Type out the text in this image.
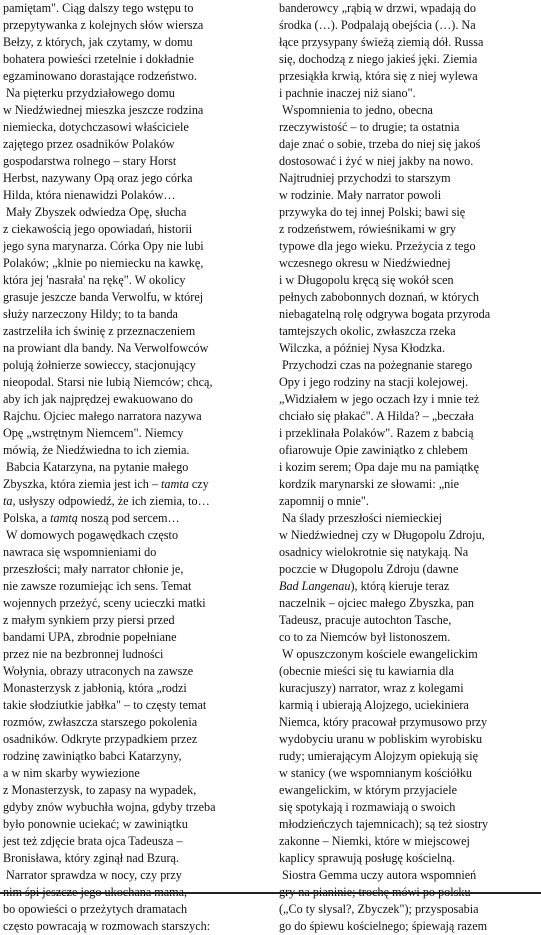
pamiętam". Ciąg dalszy tego wstępu to
przepytywanka z kolejnych słów wiersza
Bełzy, z których, jak czytamy, w domu
bohatera powieści rzetelnie i dokładnie
egzaminowano dorastające rodzeństwo.
Na pięterku przydziałowego domu
w Niedźwiednej mieszka jeszcze rodzina
niemiecka, dotychczasowi właściciele
zajętego przez osadników Polaków
gospodarstwa rolnego – stary Horst
Herbst, nazywany Opą oraz jego córka
Hilda, która nienawidzi Polaków…
Mały Zbyszek odwiedza Opę, słucha
z ciekawością jego opowiadań, historii
jego syna marynarza. Córka Opy nie lubi
Polaków; „klnie po niemiecku na kawkę,
która jej 'nasrała' na rękę". W okolicy
grasuje jeszcze banda Verwolfu, w której
służy narzeczony Hildy; to ta banda
zastrzeliła ich świnię z przeznaczeniem
na prowiant dla bandy. Na Verwolfowców
polują żołnierze sowieccy, stacjonujący
nieopodal. Starsi nie lubią Niemców; chcą,
aby ich jak najprędzej ewakuowano do
Rajchu. Ojciec małego narratora nazywa
Opę „wstrętnym Niemcem". Niemcy
mówią, że Niedźwiedna to ich ziemia.
Babcia Katarzyna, na pytanie małego
Zbyszka, która ziemia jest ich – tamta czy
ta, usłyszy odpowiedź, że ich ziemia, to…
Polska, a tamtą noszą pod sercem…
W domowych pogawędkach często
nawraca się wspomnieniami do
przeszłości; mały narrator chłonie je,
nie zawsze rozumiejąc ich sens. Temat
wojennych przeżyć, sceny ucieczki matki
z małym synkiem przy piersi przed
bandami UPA, zbrodnie popełniane
przez nie na bezbronnej ludności
Wołynia, obrazy utraconych na zawsze
Monasterzysk z jabłonią, która „rodzi
takie słodziutkie jabłka" – to częsty temat
rozmów, zwłaszcza starszego pokolenia
osadników. Odkryte przypadkiem przez
rodzinę zawiniątko babci Katarzyny,
a w nim skarby wywiezione
z Monasterzysk, to zapasy na wypadek,
gdyby znów wybuchła wojna, gdyby trzeba
było ponownie uciekać; w zawiniątku
jest też zdjęcie brata ojca Tadeusza –
Bronisława, który zginął nad Bzurą.
Narrator sprawdza w nocy, czy przy
bo opowieści o przeżytych dramatach
często powracają w rozmowach starszych:
banderowcy „rąbią w drzwi, wpadają do
środka (…). Podpalają obejścia (…). Na
łące przysypany świeżą ziemią dół. Russa
się, dochodzą z niego jakieś jęki. Ziemia
przesiąkła krwią, która się z niej wylewa
i pachnie inaczej niż siano".
Wspomnienia to jedno, obecna
rzeczywistość – to drugie; ta ostatnia
daje znać o sobie, trzeba do niej się jakoś
dostosować i żyć w niej jakby na nowo.
Najtrudniej przychodzi to starszym
w rodzinie. Mały narrator powoli
przywyka do tej innej Polski; bawi się
z rodzeństwem, rówieśnikami w gry
typowe dla jego wieku. Przeżycia z tego
wczesnego okresu w Niedźwiednej
i w Długopolu kręcą się wokół scen
pełnych zabobonnych doznań, w których
niebagatelną rolę odgrywa bogata przyroda
tamtejszych okolic, zwłaszcza rzeka
Wilczka, a później Nysa Kłodzka.
Przychodzi czas na pożegnanie starego
Opy i jego rodziny na stacji kolejowej.
„Widziałem w jego oczach łzy i mnie też
chciało się płakać". A Hilda? – „beczała
i przeklinała Polaków". Razem z babcią
ofiarowuje Opie zawiniątko z chlebem
i kozim serem; Opa daje mu na pamiątkę
kordzik marynarski ze słowami: „nie
zapomnij o mnie".
Na ślady przeszłości niemieckiej
w Niedźwiednej czy w Długopolu Zdroju,
osadnicy wielokrotnie się natykają. Na
poczcie w Długopolu Zdroju (dawne
Bad Langenau), którą kieruje teraz
naczelnik – ojciec małego Zbyszka, pan
Tadeusz, pracuje autochton Tasche,
co to za Niemców był listonoszem.
W opuszczonym kościele ewangelickim
(obecnie mieści się tu kawiarnia dla
kuracjuszy) narrator, wraz z kolegami
karmią i ubierają Alojzego, uciekiniera
Niemca, który pracował przymusowo przy
wydobyciu uranu w pobliskim wyrobisku
rudy; umierającym Alojzym opiekują się
w stanicy (we wspomnianym kościółku
ewangelickim, w którym przyjaciele
się spotykają i rozmawiają o swoich
młodzieńczych tajemnicach); są też siostry
zakonne – Niemki, które w miejscowej
kaplicy sprawują posługę kościelną.
Siostra Gemma uczy autora wspomnień
(„Co ty slysal?, Zbyczek"); przysposabia
go do śpiewu kościelnego; śpiewają razem
